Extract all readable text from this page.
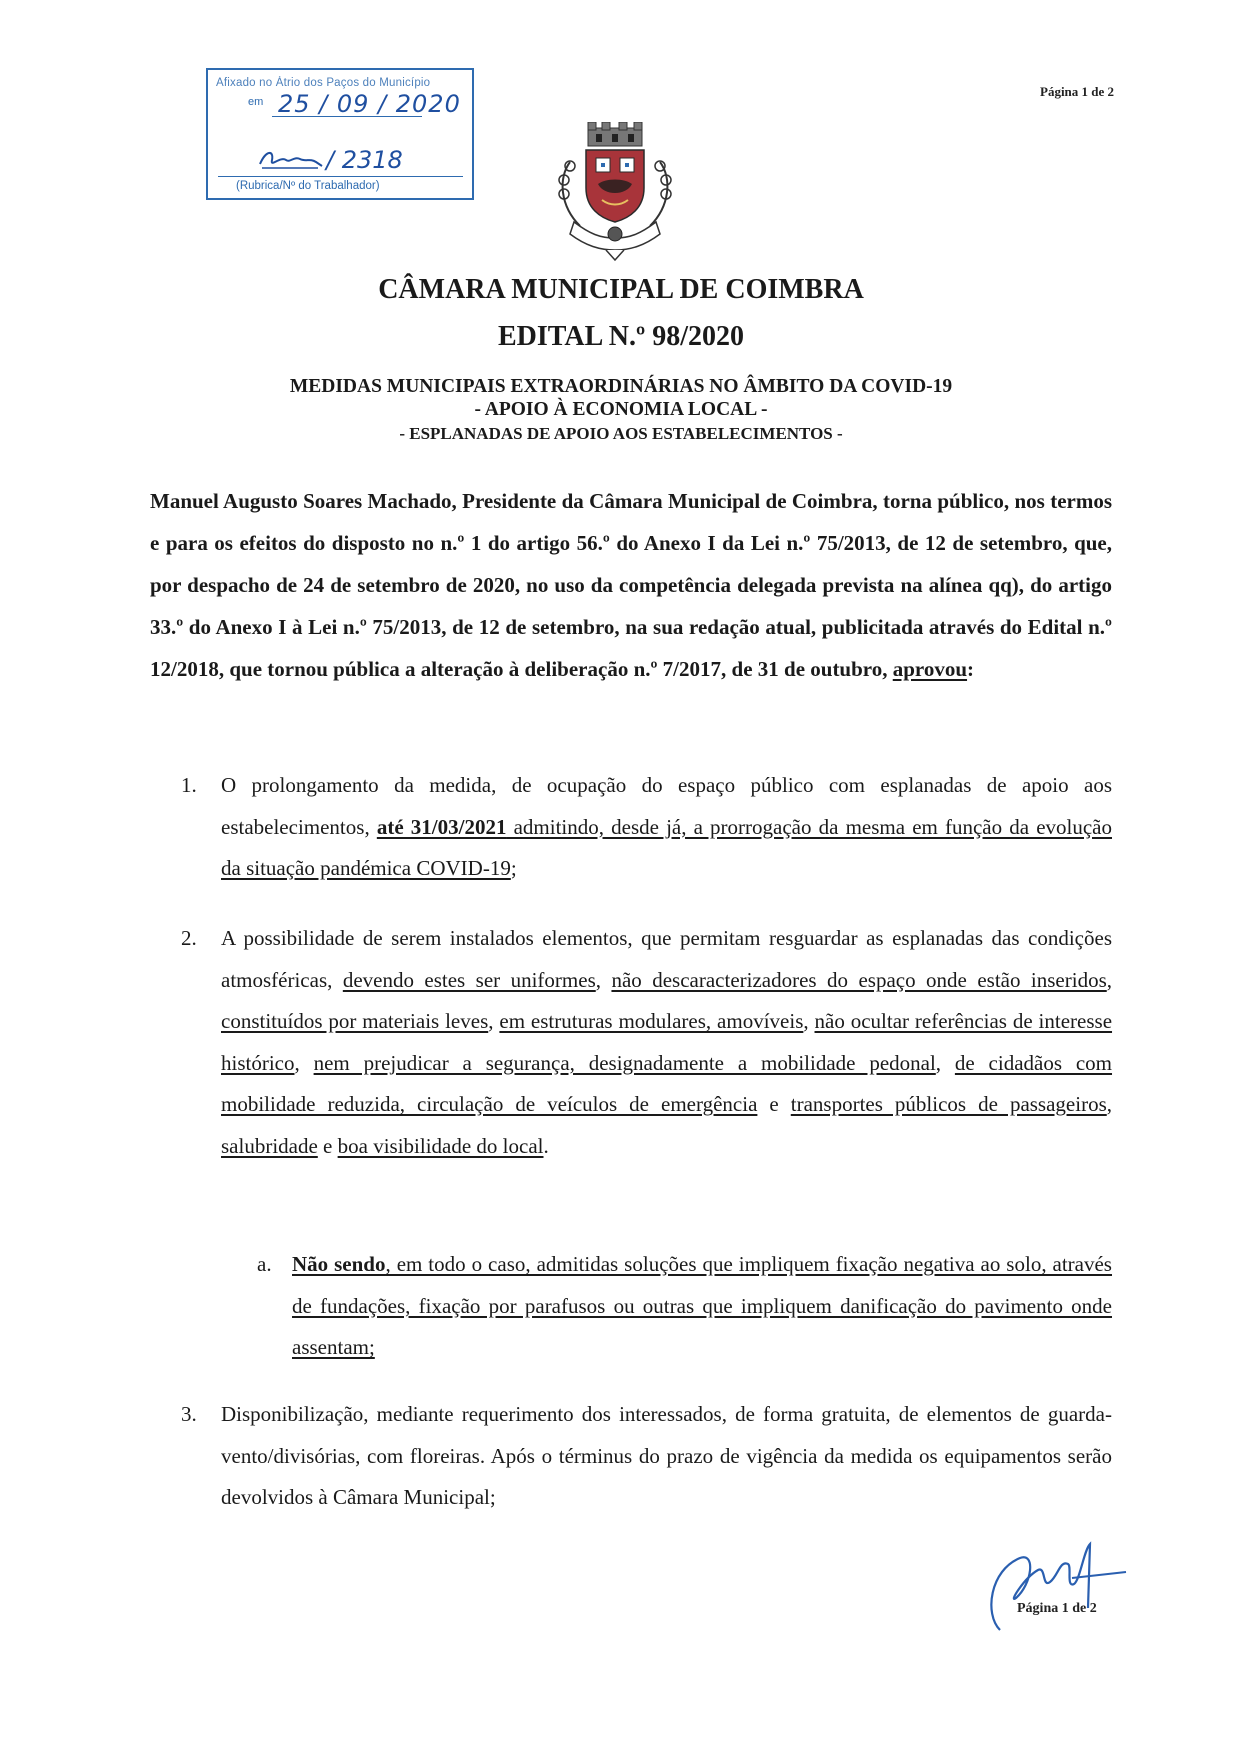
Afixado no Átrio dos Paços do Município
em 25 / 09 / 2020
/ 2318
(Rubrica/Nº do Trabalhador)
Página 1 de 2
CÂMARA MUNICIPAL DE COIMBRA
EDITAL N.º 98/2020
MEDIDAS MUNICIPAIS EXTRAORDINÁRIAS NO ÂMBITO DA COVID-19
- APOIO À ECONOMIA LOCAL -
- ESPLANADAS DE APOIO AOS ESTABELECIMENTOS -
Manuel Augusto Soares Machado, Presidente da Câmara Municipal de Coimbra, torna público, nos termos e para os efeitos do disposto no n.º 1 do artigo 56.º do Anexo I da Lei n.º 75/2013, de 12 de setembro, que, por despacho de 24 de setembro de 2020, no uso da competência delegada prevista na alínea qq), do artigo 33.º do Anexo I à Lei n.º 75/2013, de 12 de setembro, na sua redação atual, publicitada através do Edital n.º 12/2018, que tornou pública a alteração à deliberação n.º 7/2017, de 31 de outubro, aprovou:
1. O prolongamento da medida, de ocupação do espaço público com esplanadas de apoio aos estabelecimentos, até 31/03/2021 admitindo, desde já, a prorrogação da mesma em função da evolução da situação pandémica COVID-19;
2. A possibilidade de serem instalados elementos, que permitam resguardar as esplanadas das condições atmosféricas, devendo estes ser uniformes, não descaracterizadores do espaço onde estão inseridos, constituídos por materiais leves, em estruturas modulares, amovíveis, não ocultar referências de interesse histórico, nem prejudicar a segurança, designadamente a mobilidade pedonal, de cidadãos com mobilidade reduzida, circulação de veículos de emergência e transportes públicos de passageiros, salubridade e boa visibilidade do local.
a. Não sendo, em todo o caso, admitidas soluções que impliquem fixação negativa ao solo, através de fundações, fixação por parafusos ou outras que impliquem danificação do pavimento onde assentam;
3. Disponibilização, mediante requerimento dos interessados, de forma gratuita, de elementos de guarda-vento/divisórias, com floreiras. Após o términus do prazo de vigência da medida os equipamentos serão devolvidos à Câmara Municipal;
Página 1 de 2
